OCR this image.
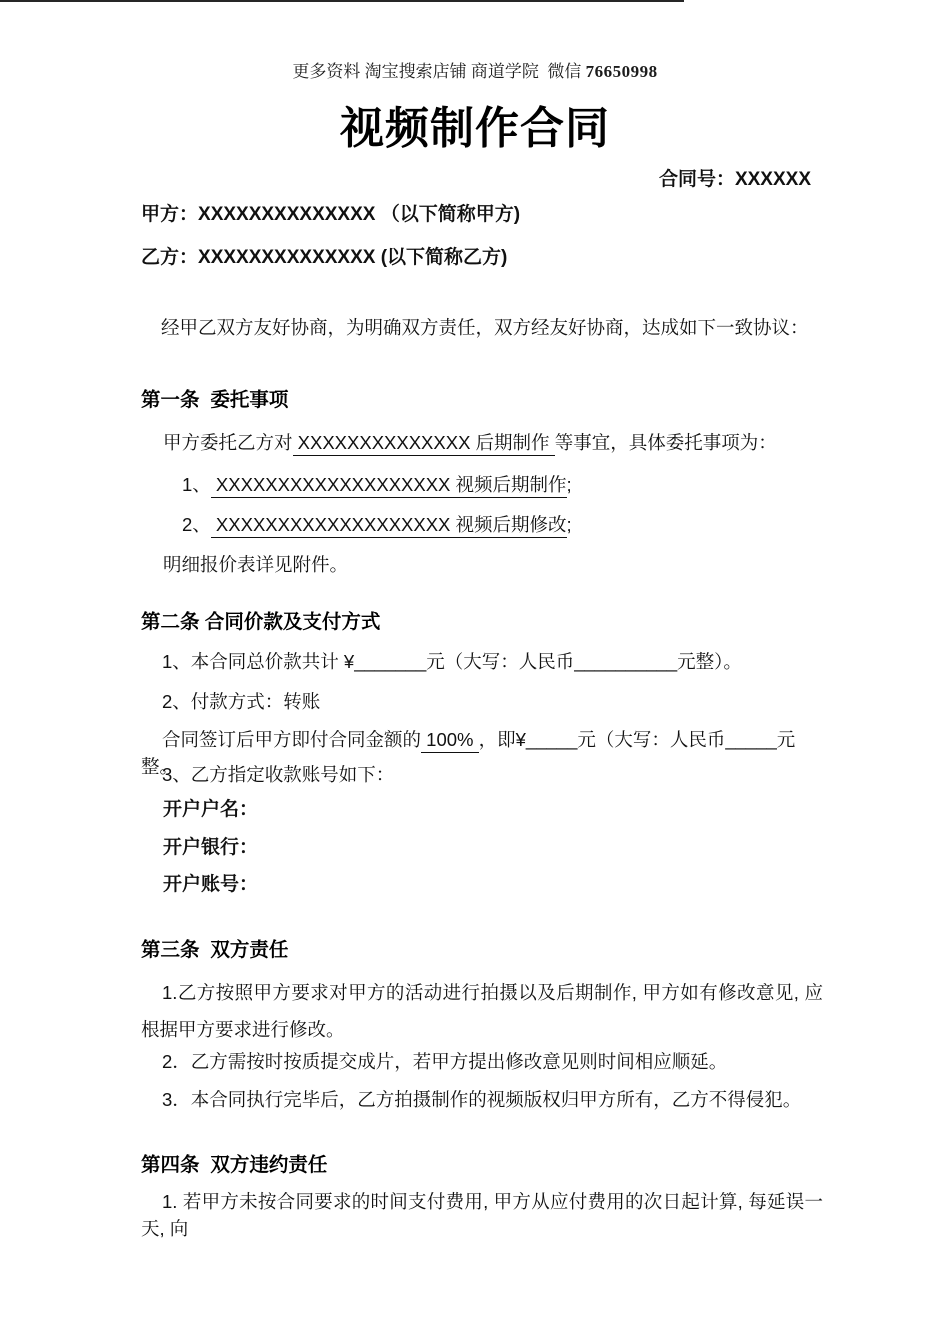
更多资料 淘宝搜索店铺 商道学院  微信 76650998
视频制作合同
合同号：XXXXXX
甲方：XXXXXXXXXXXXXX （以下简称甲方)
乙方：XXXXXXXXXXXXXX (以下简称乙方)
经甲乙双方友好协商，为明确双方责任，双方经友好协商，达成如下一致协议：
第一条  委托事项
甲方委托乙方对 XXXXXXXXXXXXXX 后期制作 等事宜，具体委托事项为：
1、 XXXXXXXXXXXXXXXXXXX 视频后期制作;
2、 XXXXXXXXXXXXXXXXXXX 视频后期修改;
明细报价表详见附件。
第二条 合同价款及支付方式
1、本合同总价款共计 ¥_______元（大写：人民币__________元整）。
2、付款方式：转账
合同签订后甲方即付合同金额的 100% ，即¥_____元（大写：人民币_____元整。
3、乙方指定收款账号如下：
开户户名：
开户银行：
开户账号：
第三条  双方责任
1.乙方按照甲方要求对甲方的活动进行拍摄以及后期制作, 甲方如有修改意见, 应根据甲方要求进行修改。
2．乙方需按时按质提交成片，若甲方提出修改意见则时间相应顺延。
3．本合同执行完毕后，乙方拍摄制作的视频版权归甲方所有，乙方不得侵犯。
第四条  双方违约责任
1. 若甲方未按合同要求的时间支付费用, 甲方从应付费用的次日起计算, 每延误一天, 向
